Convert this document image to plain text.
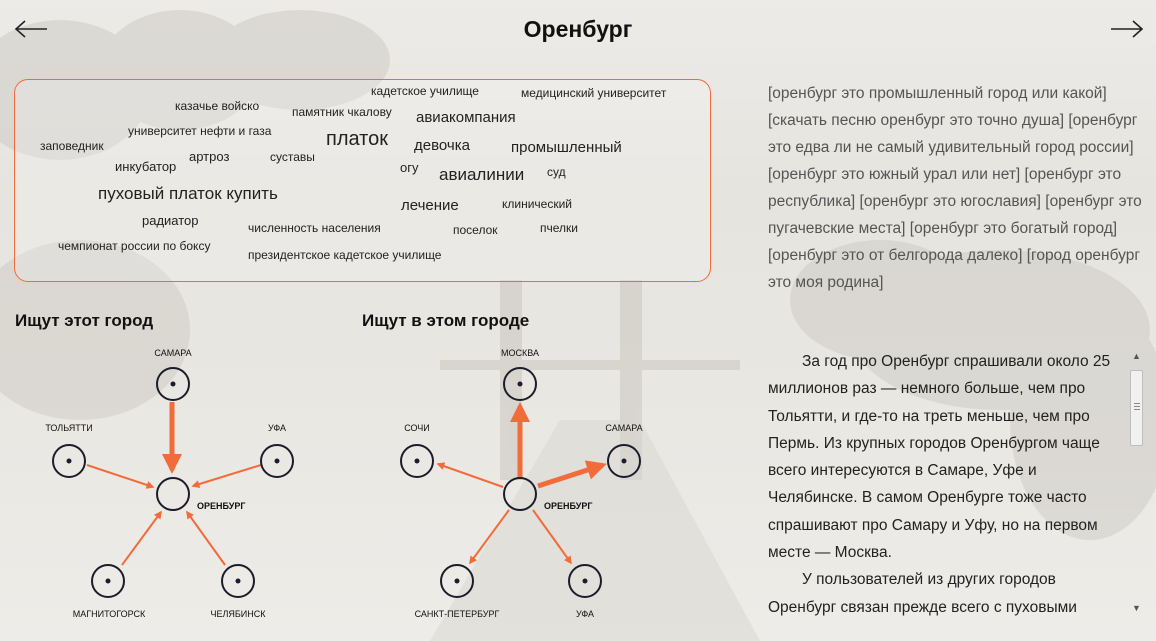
Оренбург
кадетское училище	медицинский университет
казачье войско	памятник чкалову авиакомпания
университет нефти и газа	платок
заповедник	девочка	промышленный
артроз	суставы
инкубатор	огу авиалинии суд
пуховый платок купить
клинический
лечение
радиатор	численность населения	поселок	пчелки
чемпионат россии по боксу
президентское кадетское училище
Ищут этот город	Ищут в этом городе
САМАРА
ТОЛЬЯТТИ	УФА
МАГНИТОГОРСК	ЧЕЛЯБИНСК
ОРЕНБУРГ
МОСКВА
СОЧИ	САМАРА
САНКТ-ПЕТЕРБУРГ	УФА
ОРЕНБУРГ
[оренбург это промышленный город или какой] [скачать песню оренбург это точно душа] [оренбург это едва ли не самый удивительный город россии] [оренбург это южный урал или нет] [оренбург это республика] [оренбург это югославия] [оренбург это пугачевские места] [оренбург это богатый город] [оренбург это от белгорода далеко] [город оренбург это моя родина]

За год про Оренбург спрашивали около 25 миллионов раз — немного больше, чем про Тольятти, и где-то на треть меньше, чем про Пермь. Из крупных городов Оренбургом чаще всего интересуются в Самаре, Уфе и Челябинске. В самом Оренбурге тоже часто спрашивают про Самару и Уфу, но на первом месте — Москва.

У пользователей из других городов Оренбург связан прежде всего с пуховыми

▲
▼
